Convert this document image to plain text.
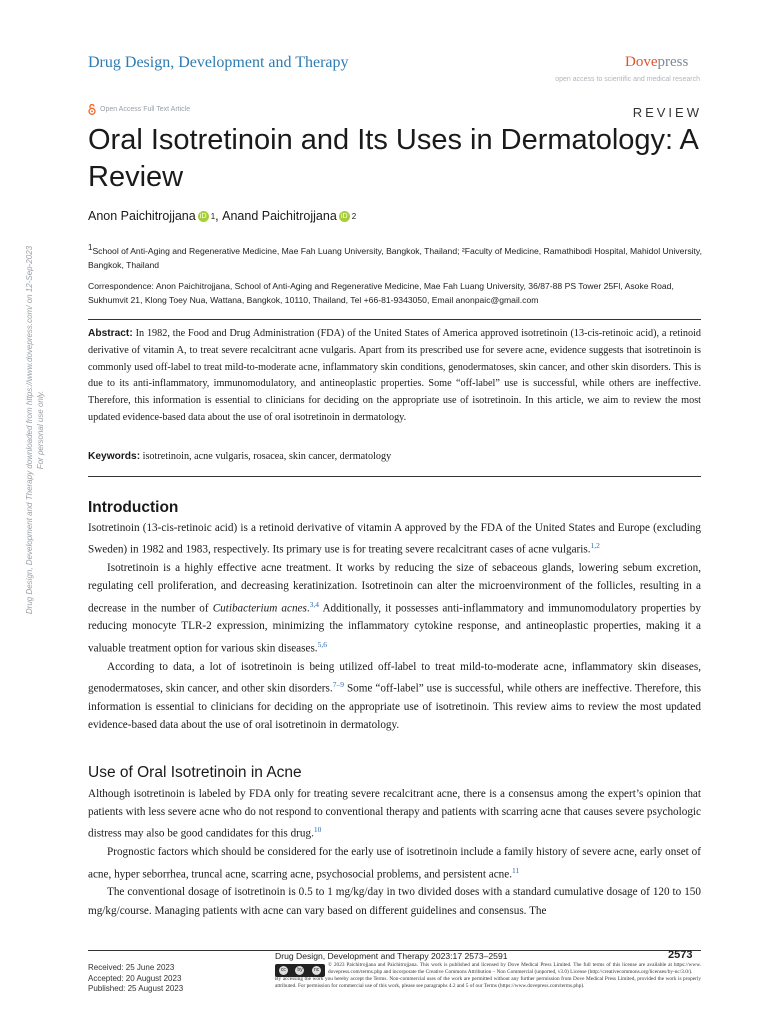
Drug Design, Development and Therapy	Dovepress
open access to scientific and medical research
Open Access Full Text Article	REVIEW
Oral Isotretinoin and Its Uses in Dermatology: A Review
Anon Paichitrojjana iD 1 , Anand Paichitrojjana iD 2
1School of Anti-Aging and Regenerative Medicine, Mae Fah Luang University, Bangkok, Thailand; ²Faculty of Medicine, Ramathibodi Hospital, Mahidol University, Bangkok, Thailand
Correspondence: Anon Paichitrojjana, School of Anti-Aging and Regenerative Medicine, Mae Fah Luang University, 36/87-88 PS Tower 25Fl, Asoke Road, Sukhumvit 21, Klong Toey Nua, Wattana, Bangkok, 10110, Thailand, Tel +66-81-9343050, Email anonpaic@gmail.com
Abstract: In 1982, the Food and Drug Administration (FDA) of the United States of America approved isotretinoin (13-cis-retinoic acid), a retinoid derivative of vitamin A, to treat severe recalcitrant acne vulgaris. Apart from its prescribed use for severe acne, evidence suggests that isotretinoin is commonly used off-label to treat mild-to-moderate acne, inflammatory skin conditions, genodermatoses, skin cancer, and other skin disorders. This is due to its anti-inflammatory, immunomodulatory, and antineoplastic properties. Some “off-label” use is successful, while others are ineffective. Therefore, this information is essential to clinicians for deciding on the appropriate use of isotretinoin. In this article, we aim to review the most updated evidence-based data about the use of oral isotretinoin in dermatology.
Keywords: isotretinoin, acne vulgaris, rosacea, skin cancer, dermatology
Introduction

Isotretinoin (13-cis-retinoic acid) is a retinoid derivative of vitamin A approved by the FDA of the United States and Europe (excluding Sweden) in 1982 and 1983, respectively. Its primary use is for treating severe recalcitrant cases of acne vulgaris.$^{1,2}$

Isotretinoin is a highly effective acne treatment. It works by reducing the size of sebaceous glands, lowering sebum excretion, regulating cell proliferation, and decreasing keratinization. Isotretinoin can alter the microenvironment of the follicles, resulting in a decrease in the number of Cutibacterium acnes.$^{3,4}$ Additionally, it possesses anti-inflammatory and immunomodulatory properties by reducing monocyte TLR-2 expression, minimizing the inflammatory cytokine response, and antineoplastic properties, making it a valuable treatment option for various skin diseases.$^{5,6}$

According to data, a lot of isotretinoin is being utilized off-label to treat mild-to-moderate acne, inflammatory skin diseases, genodermatoses, skin cancer, and other skin disorders.$^{7-9}$ Some “off-label” use is successful, while others are ineffective. Therefore, this information is essential to clinicians for deciding on the appropriate use of isotretinoin. This review aims to review the most updated evidence-based data about the use of oral isotretinoin in dermatology.

Use of Oral Isotretinoin in Acne

Although isotretinoin is labeled by FDA only for treating severe recalcitrant acne, there is a consensus among the expert’s opinion that patients with less severe acne who do not respond to conventional therapy and patients with scarring acne that causes severe psychologic distress may also be good candidates for this drug.$^{10}$

Prognostic factors which should be considered for the early use of isotretinoin include a family history of severe acne, early onset of acne, hyper seborrhea, truncal acne, scarring acne, psychosocial problems, and persistent acne.$^{11}$

The conventional dosage of isotretinoin is 0.5 to 1 mg/kg/day in two divided doses with a standard cumulative dosage of 120 to 150 mg/kg/course. Managing patients with acne can vary based on different guidelines and consensus. The

Drug Design, Development and Therapy downloaded from https://www.dovepress.com/ on 12-Sep-2023 For personal use only.
Received: 25 June 2023
Accepted: 20 August 2023
Published: 25 August 2023
Drug Design, Development and Therapy 2023:17 2573–2591	2573
cc	by	nc
© 2023 Paichitrojjana and Paichitrojjana. This work is published and licensed by Dove Medical Press Limited. The full terms of this license are available at https://www. dovepress.com/terms.php and incorporate the Creative Commons Attribution – Non Commercial (unported, v3.0) License (http://creativecommons.org/licenses/by-nc/3.0/).
By accessing the work you hereby accept the Terms. Non-commercial uses of the work are permitted without any further permission from Dove Medical Press Limited, provided the work is properly attributed. For permission for commercial use of this work, please see paragraphs 4.2 and 5 of our Terms (https://www.dovepress.com/terms.php).
